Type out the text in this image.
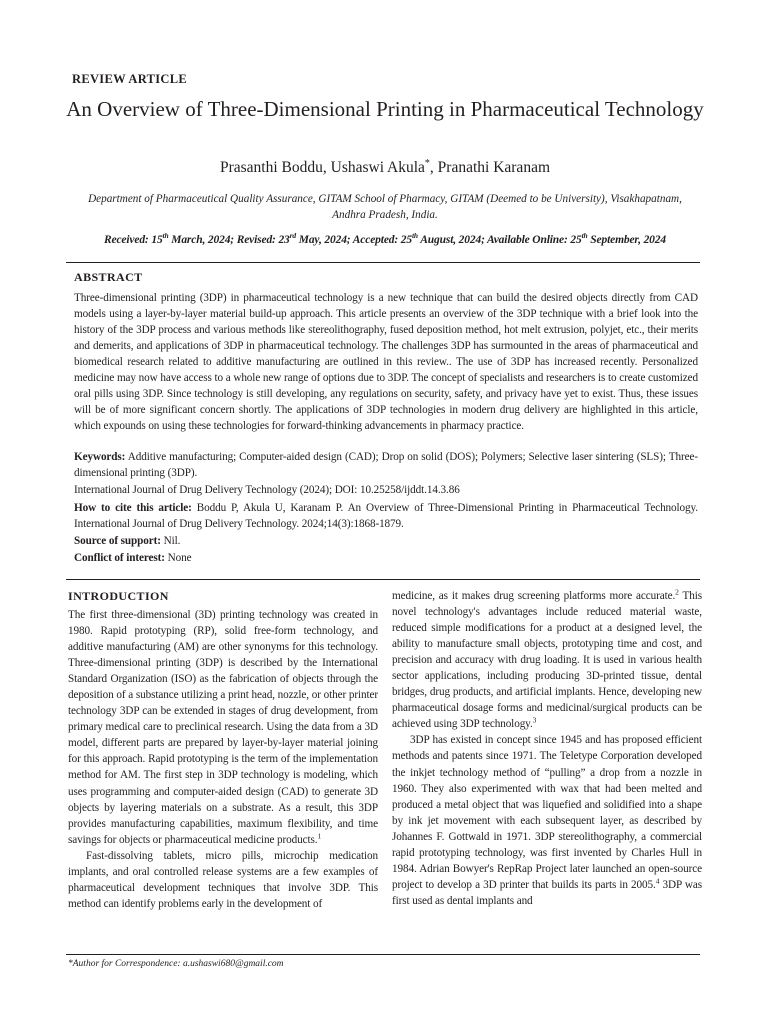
REVIEW ARTICLE
An Overview of Three-Dimensional Printing in Pharmaceutical Technology
Prasanthi Boddu, Ushaswi Akula*, Pranathi Karanam
Department of Pharmaceutical Quality Assurance, GITAM School of Pharmacy, GITAM (Deemed to be University), Visakhapatnam, Andhra Pradesh, India.
Received: 15th March, 2024; Revised: 23rd May, 2024; Accepted: 25th August, 2024; Available Online: 25th September, 2024
ABSTRACT
Three-dimensional printing (3DP) in pharmaceutical technology is a new technique that can build the desired objects directly from CAD models using a layer-by-layer material build-up approach. This article presents an overview of the 3DP technique with a brief look into the history of the 3DP process and various methods like stereolithography, fused deposition method, hot melt extrusion, polyjet, etc., their merits and demerits, and applications of 3DP in pharmaceutical technology. The challenges 3DP has surmounted in the areas of pharmaceutical and biomedical research related to additive manufacturing are outlined in this review.. The use of 3DP has increased recently. Personalized medicine may now have access to a whole new range of options due to 3DP. The concept of specialists and researchers is to create customized oral pills using 3DP. Since technology is still developing, any regulations on security, safety, and privacy have yet to exist. Thus, these issues will be of more significant concern shortly. The applications of 3DP technologies in modern drug delivery are highlighted in this article, which expounds on using these technologies for forward-thinking advancements in pharmacy practice.
Keywords: Additive manufacturing; Computer-aided design (CAD); Drop on solid (DOS); Polymers; Selective laser sintering (SLS); Three-dimensional printing (3DP).
International Journal of Drug Delivery Technology (2024); DOI: 10.25258/ijddt.14.3.86
How to cite this article: Boddu P, Akula U, Karanam P. An Overview of Three-Dimensional Printing in Pharmaceutical Technology. International Journal of Drug Delivery Technology. 2024;14(3):1868-1879.
Source of support: Nil.
Conflict of interest: None
INTRODUCTION

The first three-dimensional (3D) printing technology was created in 1980. Rapid prototyping (RP), solid free-form technology, and additive manufacturing (AM) are other synonyms for this technology. Three-dimensional printing (3DP) is described by the International Standard Organization (ISO) as the fabrication of objects through the deposition of a substance utilizing a print head, nozzle, or other printer technology 3DP can be extended in stages of drug development, from primary medical care to preclinical research. Using the data from a 3D model, different parts are prepared by layer-by-layer material joining for this approach. Rapid prototyping is the term of the implementation method for AM. The first step in 3DP technology is modeling, which uses programming and computer-aided design (CAD) to generate 3D objects by layering materials on a substrate. As a result, this 3DP provides manufacturing capabilities, maximum flexibility, and time savings for objects or pharmaceutical medicine products.$^1$

Fast-dissolving tablets, micro pills, microchip medication implants, and oral controlled release systems are a few examples of pharmaceutical development techniques that involve 3DP. This method can identify problems early in the development of

medicine, as it makes drug screening platforms more accurate.$^2$ This novel technology's advantages include reduced material waste, reduced simple modifications for a product at a designed level, the ability to manufacture small objects, prototyping time and cost, and precision and accuracy with drug loading. It is used in various health sector applications, including producing 3D-printed tissue, dental bridges, drug products, and artificial implants. Hence, developing new pharmaceutical dosage forms and medicinal/surgical products can be achieved using 3DP technology.$^3$

3DP has existed in concept since 1945 and has proposed efficient methods and patents since 1971. The Teletype Corporation developed the inkjet technology method of “pulling” a drop from a nozzle in 1960. They also experimented with wax that had been melted and produced a metal object that was liquefied and solidified into a shape by ink jet movement with each subsequent layer, as described by Johannes F. Gottwald in 1971. 3DP stereolithography, a commercial rapid prototyping technology, was first invented by Charles Hull in 1984. Adrian Bowyer's RepRap Project later launched an open-source project to develop a 3D printer that builds its parts in 2005.$^4$ 3DP was first used as dental implants and

*Author for Correspondence: a.ushaswi680@gmail.com
